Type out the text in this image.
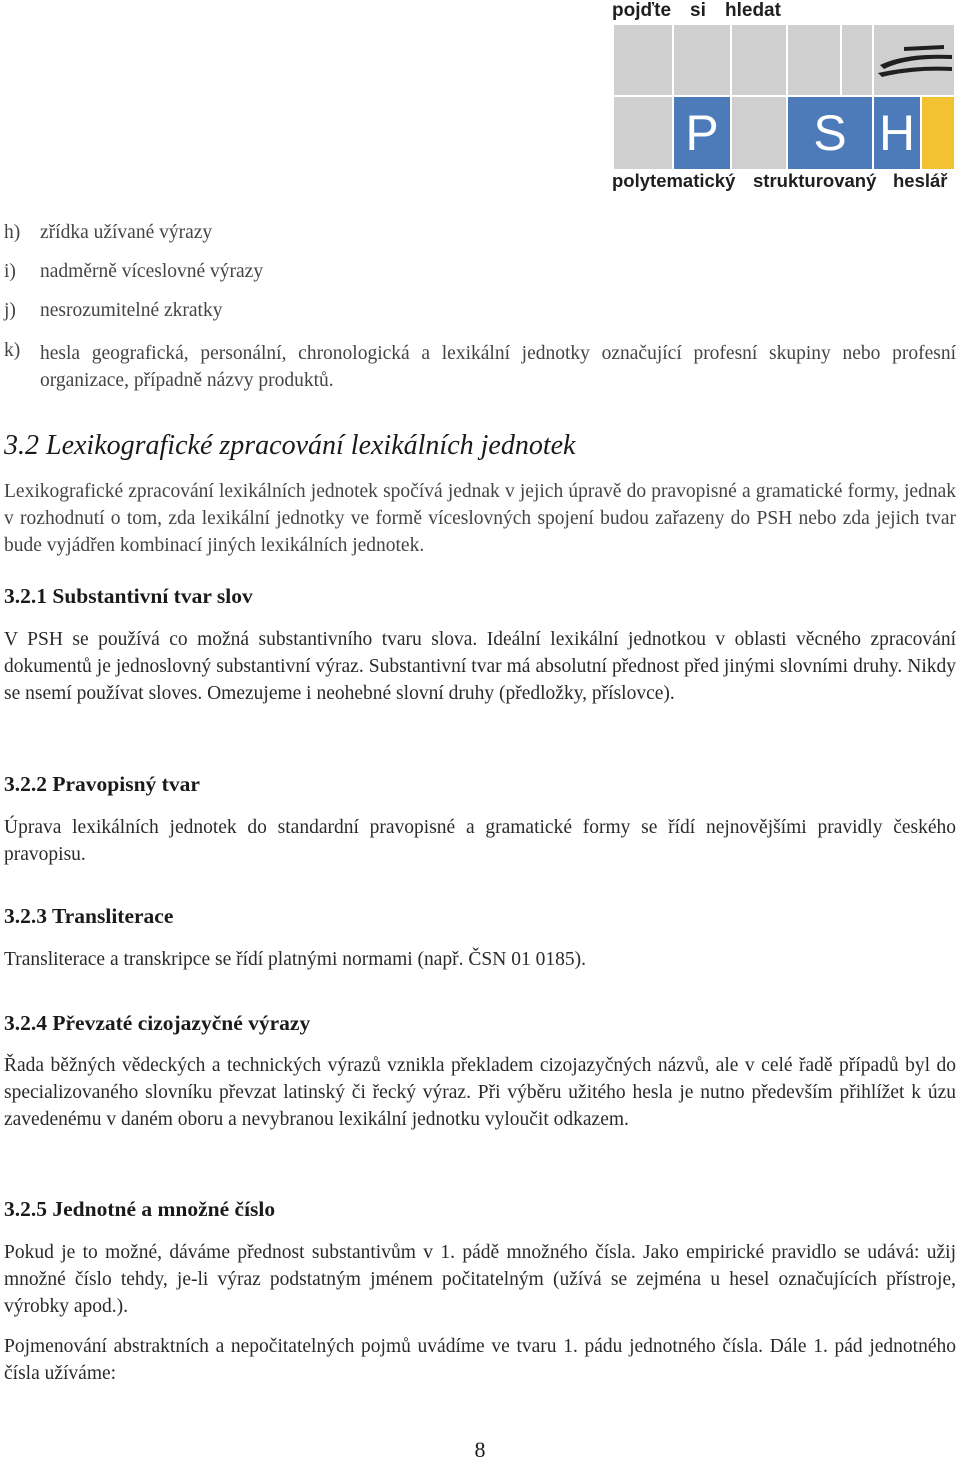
pojďte si hledat
P	S H
polytematický strukturovaný heslář
h) zřídka užívané výrazy
i) nadměrně víceslovné výrazy
j) nesrozumitelné zkratky
k)	hesla geografická, personální, chronologická a lexikální jednotky označující profesní skupiny nebo profesní organizace, případně názvy produktů.
3.2 Lexikografické zpracování lexikálních jednotek
Lexikografické zpracování lexikálních jednotek spočívá jednak v jejich úpravě do pravopisné a gramatické formy, jednak v rozhodnutí o tom, zda lexikální jednotky ve formě víceslovných spojení budou zařazeny do PSH nebo zda jejich tvar bude vyjádřen kombinací jiných lexikálních jednotek.
3.2.1 Substantivní tvar slov
V PSH se používá co možná substantivního tvaru slova. Ideální lexikální jednotkou v oblasti věcného zpracování dokumentů je jednoslovný substantivní výraz. Substantivní tvar má absolutní přednost před jinými slovními druhy. Nikdy se nsemí používat sloves. Omezujeme i neohebné slovní druhy (předložky, příslovce).
3.2.2 Pravopisný tvar
Úprava lexikálních jednotek do standardní pravopisné a gramatické formy se řídí nejnovějšími pravidly českého pravopisu.
3.2.3 Transliterace
Transliterace a transkripce se řídí platnými normami (např. ČSN 01 0185).
3.2.4 Převzaté cizojazyčné výrazy
Řada běžných vědeckých a technických výrazů vznikla překladem cizojazyčných názvů, ale v celé řadě případů byl do specializovaného slovníku převzat latinský či řecký výraz. Při výběru užitého hesla je nutno především přihlížet k úzu zavedenému v daném oboru a nevybranou lexikální jednotku vyloučit odkazem.
3.2.5 Jednotné a množné číslo
Pokud je to možné, dáváme přednost substantivům v 1. pádě množného čísla. Jako empirické pravidlo se udává: užij množné číslo tehdy, je-li výraz podstatným jménem počitatelným (užívá se zejména u hesel označujících přístroje, výrobky apod.).
Pojmenování abstraktních a nepočitatelných pojmů uvádíme ve tvaru 1. pádu jednotného čísla. Dále 1. pád jednotného čísla užíváme:
8
